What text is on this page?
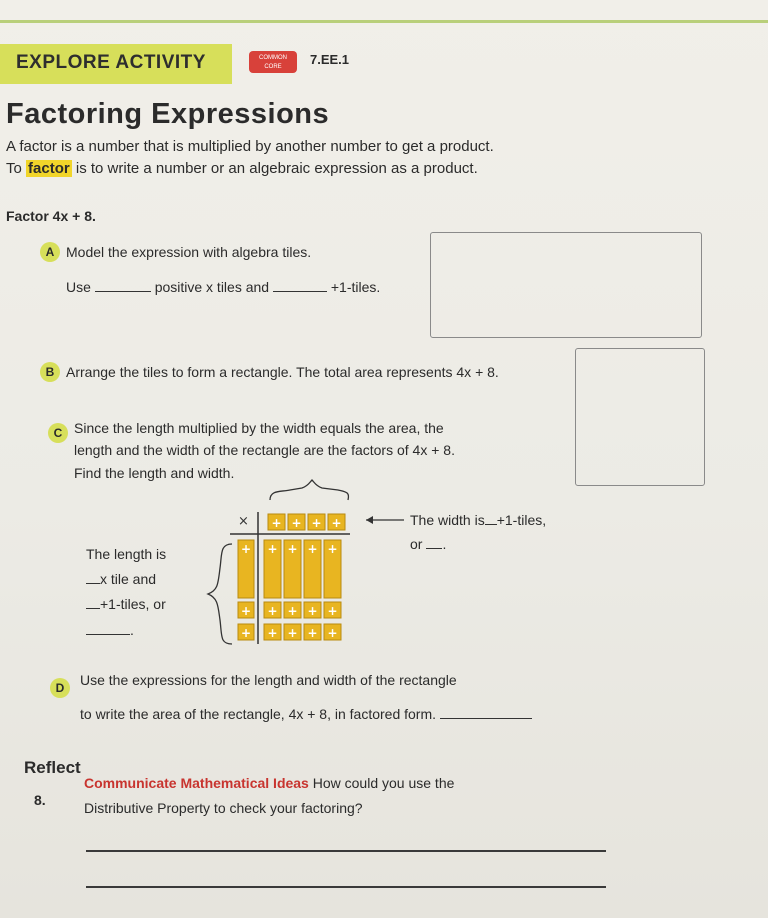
EXPLORE ACTIVITY	COMMON
CORE	7.EE.1
Factoring Expressions
A factor is a number that is multiplied by another number to get a product.
To factor is to write a number or an algebraic expression as a product.
Factor 4x + 8.
A Model the expression with algebra tiles.
Use	positive x tiles and	+1-tiles.
B Arrange the tiles to form a rectangle. The total area represents 4x + 8.
C Since the length multiplied by the width equals the area, the
length and the width of the rectangle are the factors of 4x + 8.
Find the length and width.
The length is
x tile and
+1-tiles, or
.
The width is +1-tiles,
or .
× + + + +
+
+
+
+ + + +
+ + + +
+ + + +
D	Use the expressions for the length and width of the rectangle
to write the area of the rectangle, 4x + 8, in factored form.
Reflect
8.
Communicate Mathematical Ideas How could you use the
Distributive Property to check your factoring?
